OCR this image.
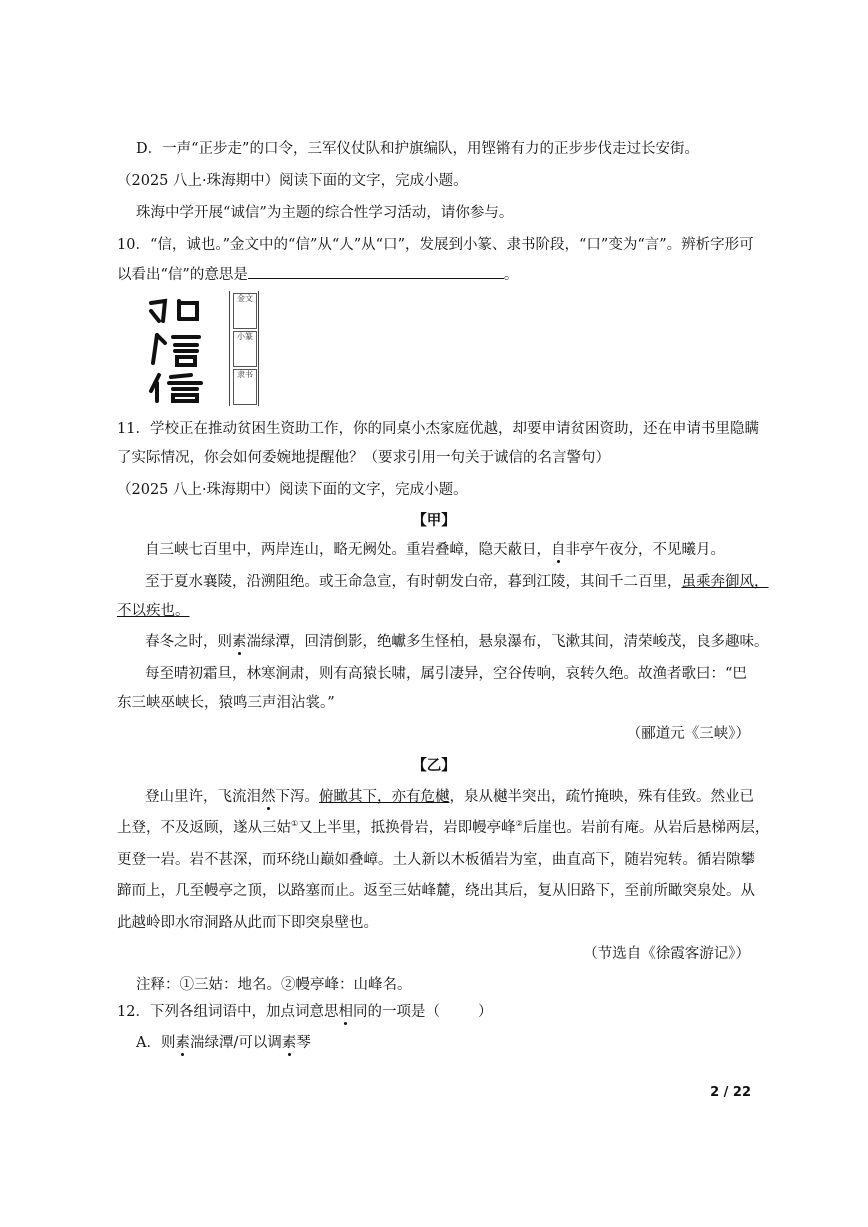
D．一声“正步走”的口令，三军仪仗队和护旗编队，用铿锵有力的正步步伐走过长安街。
（2025 八上·珠海期中）阅读下面的文字，完成小题。
珠海中学开展“诚信”为主题的综合性学习活动，请你参与。
10．“信，诚也。”金文中的“信”从“人”从“口”，发展到小篆、隶书阶段，“口”变为“言”。辨析字形可
以看出“信”的意思是	。
金文
小篆
隶书
11．学校正在推动贫困生资助工作，你的同桌小杰家庭优越，却要申请贫困资助，还在申请书里隐瞒
了实际情况，你会如何委婉地提醒他？（要求引用一句关于诚信的名言警句）
（2025 八上·珠海期中）阅读下面的文字，完成小题。
【甲】
自三峡七百里中，两岸连山，略无阙处。重岩叠嶂，隐天蔽日，自非亭午夜分，不见曦月。
至于夏水襄陵，沿溯阻绝。或王命急宣，有时朝发白帝，暮到江陵，其间千二百里，虽乘奔御风，
不以疾也。
春冬之时，则素湍绿潭，回清倒影，绝巘多生怪柏，悬泉瀑布，飞漱其间，清荣峻茂，良多趣味。
每至晴初霜旦，林寒涧肃，则有高猿长啸，属引凄异，空谷传响，哀转久绝。故渔者歌曰：“巴
东三峡巫峡长，猿鸣三声泪沾裳。”
（郦道元《三峡》）
【乙】
登山里许，飞流泪然下泻。俯瞰其下，亦有危樾，泉从樾半突出，疏竹掩映，殊有佳致。然业已
上登，不及返顾，遂从三姑①又上半里，抵换骨岩，岩即幔亭峰②后崖也。岩前有庵。从岩后悬梯两层，
更登一岩。岩不甚深，而环绕山巅如叠嶂。土人新以木板循岩为室，曲直高下，随岩宛转。循岩隙攀
蹄而上，几至幔亭之顶，以路塞而止。返至三姑峰麓，绕出其后，复从旧路下，至前所瞰突泉处。从
此越岭即水帘洞路从此而下即突泉壁也。
（节选自《徐霞客游记》）
注释：①三姑：地名。②幔亭峰：山峰名。
12．下列各组词语中，加点词意思相同的一项是（	）
A．则素湍绿潭/可以调素琴
2 / 22
